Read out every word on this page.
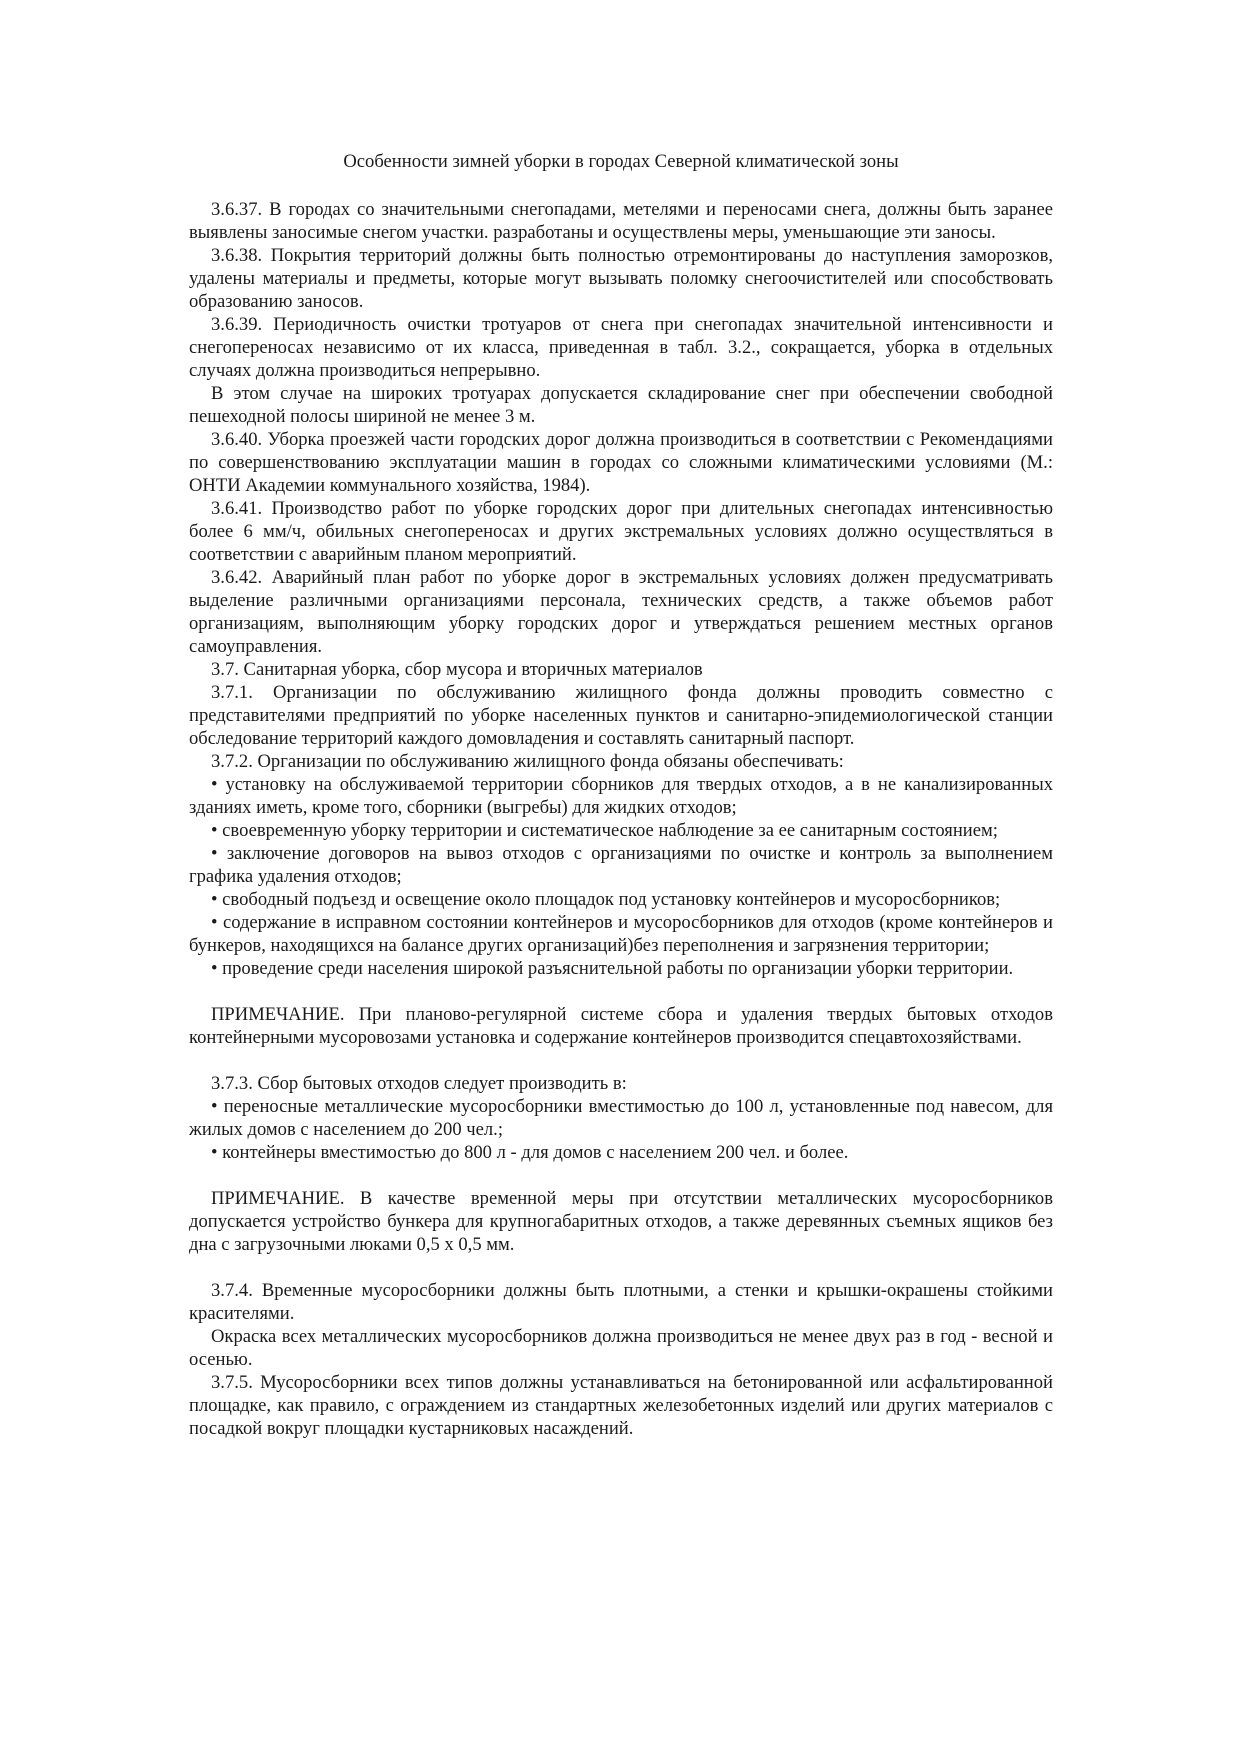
Особенности зимней уборки в городах Северной климатической зоны
3.6.37. В городах со значительными снегопадами, метелями и переносами снега, должны быть заранее выявлены заносимые снегом участки. разработаны и осуществлены меры, уменьшающие эти заносы.
3.6.38. Покрытия территорий должны быть полностью отремонтированы до наступления заморозков, удалены материалы и предметы, которые могут вызывать поломку снегоочистителей или способствовать образованию заносов.
3.6.39. Периодичность очистки тротуаров от снега при снегопадах значительной интенсивности и снегопереносах независимо от их класса, приведенная в табл. 3.2., сокращается, уборка в отдельных случаях должна производиться непрерывно.
В этом случае на широких тротуарах допускается складирование снег при обеспечении свободной пешеходной полосы шириной не менее 3 м.
3.6.40. Уборка проезжей части городских дорог должна производиться в соответствии с Рекомендациями по совершенствованию эксплуатации машин в городах со сложными климатическими условиями (М.: ОНТИ Академии коммунального хозяйства, 1984).
3.6.41. Производство работ по уборке городских дорог при длительных снегопадах интенсивностью более 6 мм/ч, обильных снегопереносах и других экстремальных условиях должно осуществляться в соответствии с аварийным планом мероприятий.
3.6.42. Аварийный план работ по уборке дорог в экстремальных условиях должен предусматривать выделение различными организациями персонала, технических средств, а также объемов работ организациям, выполняющим уборку городских дорог и утверждаться решением местных органов самоуправления.
3.7. Санитарная уборка, сбор мусора и вторичных материалов
3.7.1. Организации по обслуживанию жилищного фонда должны проводить совместно с представителями предприятий по уборке населенных пунктов и санитарно-эпидемиологической станции обследование территорий каждого домовладения и составлять санитарный паспорт.
3.7.2. Организации по обслуживанию жилищного фонда обязаны обеспечивать:
• установку на обслуживаемой территории сборников для твердых отходов, а в не канализированных зданиях иметь, кроме того, сборники (выгребы) для жидких отходов;
• своевременную уборку территории и систематическое наблюдение за ее санитарным состоянием;
• заключение договоров на вывоз отходов с организациями по очистке и контроль за выполнением графика удаления отходов;
• свободный подъезд и освещение около площадок под установку контейнеров и мусоросборников;
• содержание в исправном состоянии контейнеров и мусоросборников для отходов (кроме контейнеров и бункеров, находящихся на балансе других организаций)без переполнения и загрязнения территории;
• проведение среди населения широкой разъяснительной работы по организации уборки территории.
ПРИМЕЧАНИЕ. При планово-регулярной системе сбора и удаления твердых бытовых отходов контейнерными мусоровозами установка и содержание контейнеров производится спецавтохозяйствами.
3.7.3. Сбор бытовых отходов следует производить в:
• переносные металлические мусоросборники вместимостью до 100 л, установленные под навесом, для жилых домов с населением до 200 чел.;
• контейнеры вместимостью до 800 л - для домов с населением 200 чел. и более.
ПРИМЕЧАНИЕ. В качестве временной меры при отсутствии металлических мусоросборников допускается устройство бункера для крупногабаритных отходов, а также деревянных съемных ящиков без дна с загрузочными люками 0,5 х 0,5 мм.
3.7.4. Временные мусоросборники должны быть плотными, а стенки и крышки-окрашены стойкими красителями.
Окраска всех металлических мусоросборников должна производиться не менее двух раз в год - весной и осенью.
3.7.5. Мусоросборники всех типов должны устанавливаться на бетонированной или асфальтированной площадке, как правило, с ограждением из стандартных железобетонных изделий или других материалов с посадкой вокруг площадки кустарниковых насаждений.
